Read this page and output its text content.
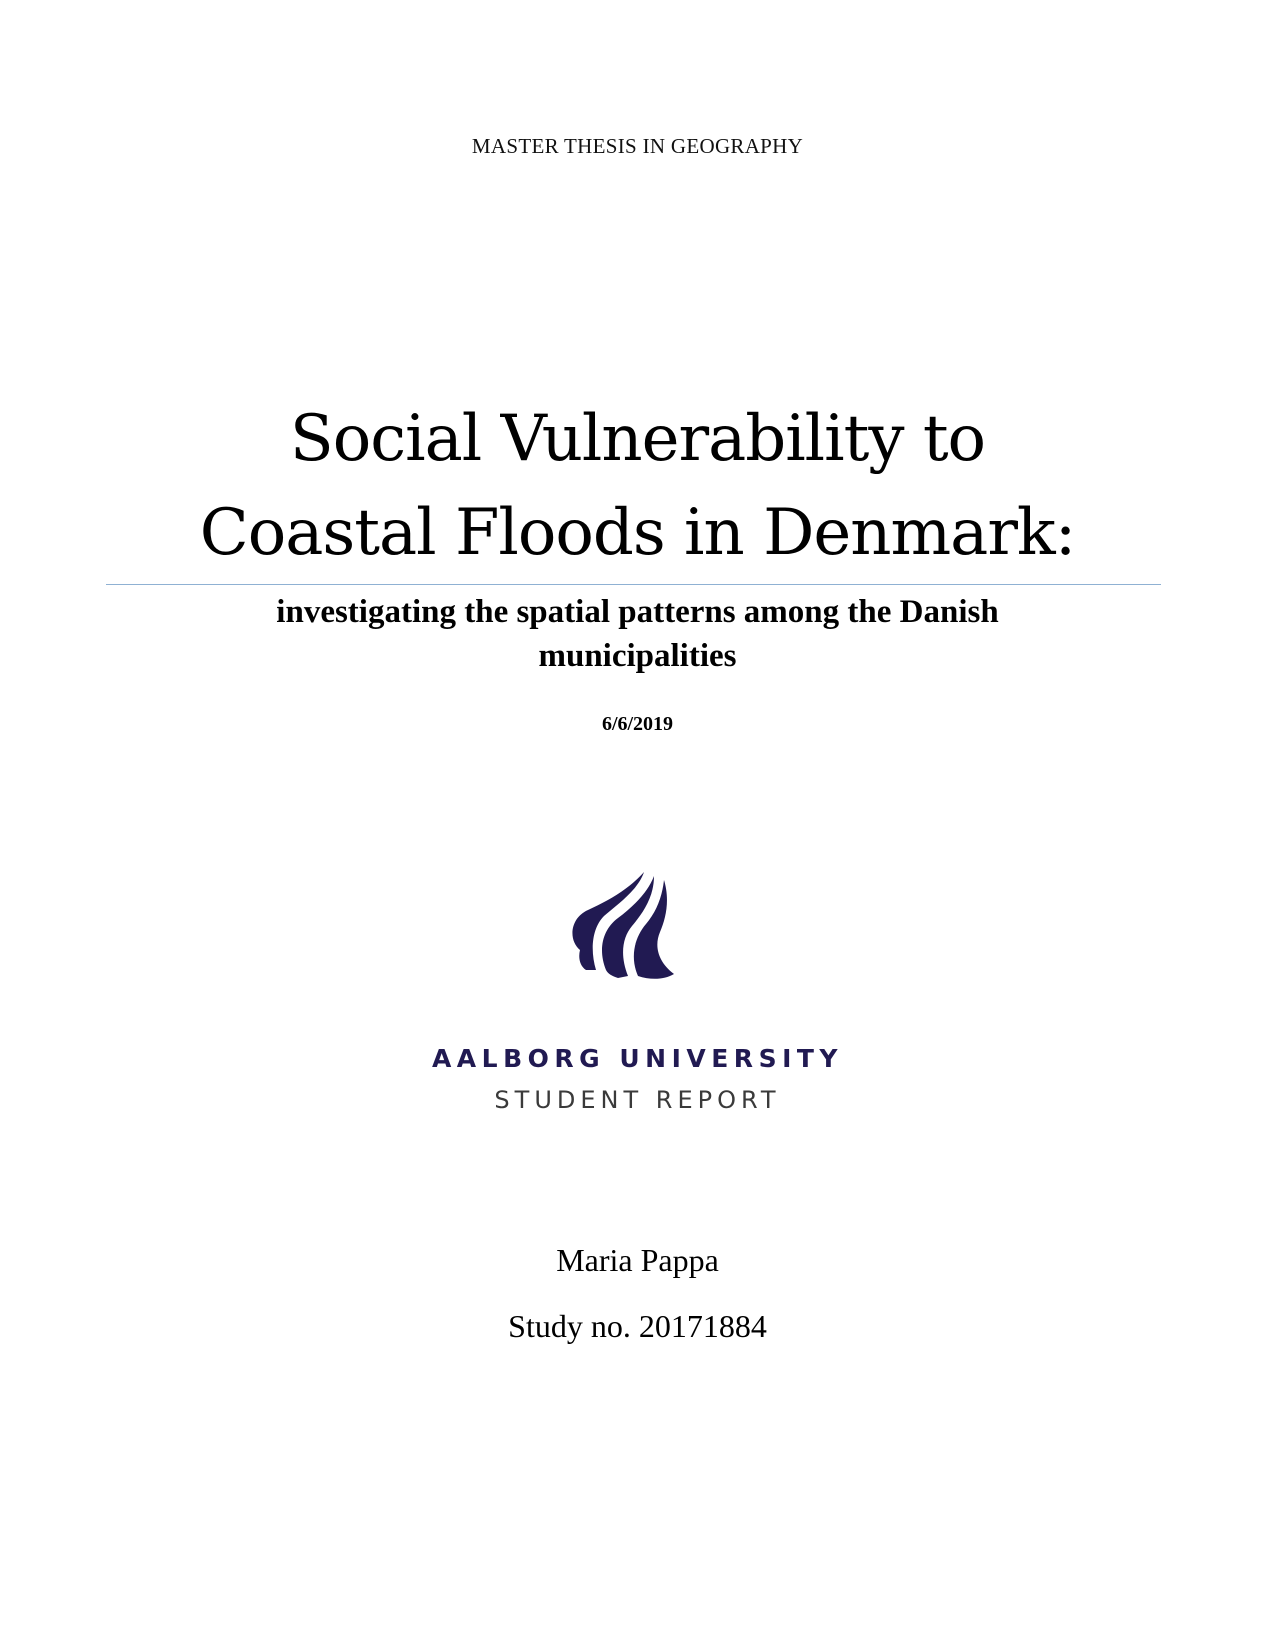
MASTER THESIS IN GEOGRAPHY
Social Vulnerability to
Coastal Floods in Denmark:
investigating the spatial patterns among the Danish
municipalities
6/6/2019
AALBORG UNIVERSITY
STUDENT REPORT
Maria Pappa
Study no. 20171884
